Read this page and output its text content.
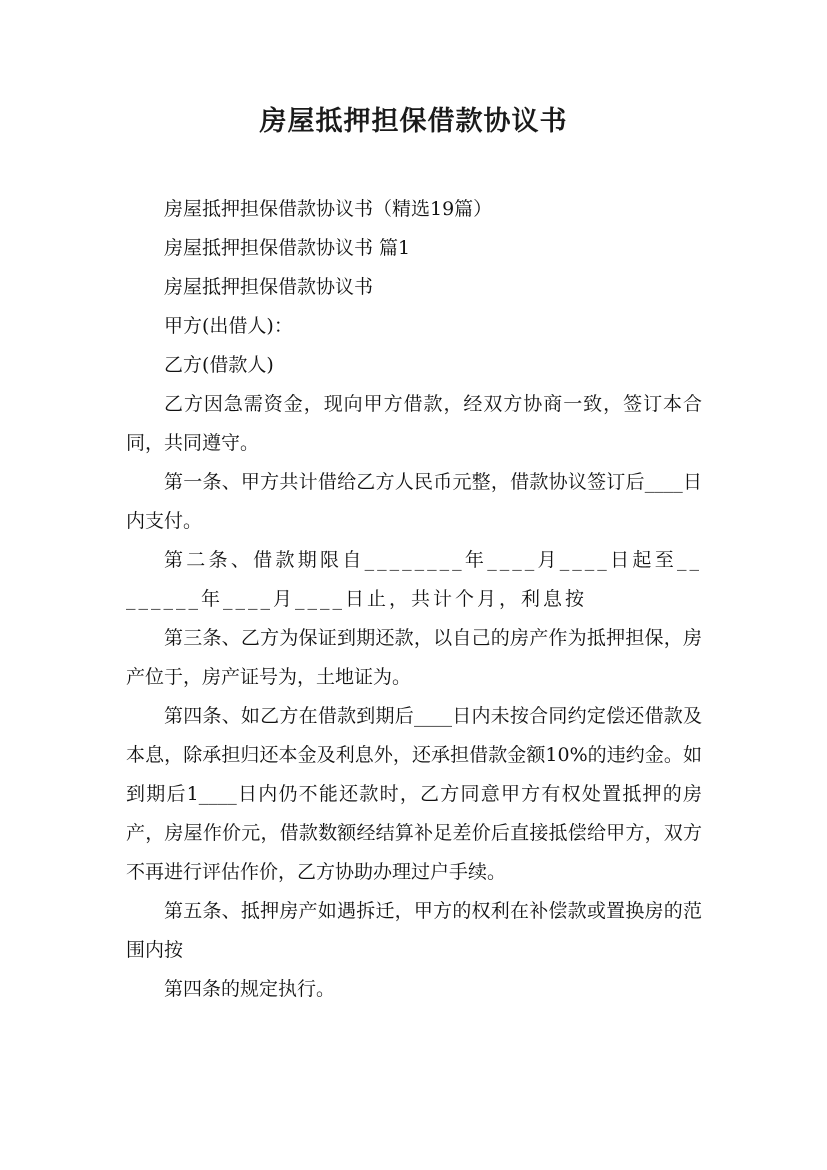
房屋抵押担保借款协议书

房屋抵押担保借款协议书（精选19篇）

房屋抵押担保借款协议书 篇1

房屋抵押担保借款协议书

甲方(出借人)：

乙方(借款人)

乙方因急需资金，现向甲方借款，经双方协商一致，签订本合同，共同遵守。

第一条、甲方共计借给乙方人民币元整，借款协议签订后____日内支付。

第二条、借款期限自________年____月____日起至________年____月____日止，共计个月，利息按

第三条、乙方为保证到期还款，以自己的房产作为抵押担保，房产位于，房产证号为，土地证为。

第四条、如乙方在借款到期后____日内未按合同约定偿还借款及本息，除承担归还本金及利息外，还承担借款金额10%的违约金。如到期后1____日内仍不能还款时，乙方同意甲方有权处置抵押的房产，房屋作价元，借款数额经结算补足差价后直接抵偿给甲方，双方不再进行评估作价，乙方协助办理过户手续。

第五条、抵押房产如遇拆迁，甲方的权利在补偿款或置换房的范围内按

第四条的规定执行。
